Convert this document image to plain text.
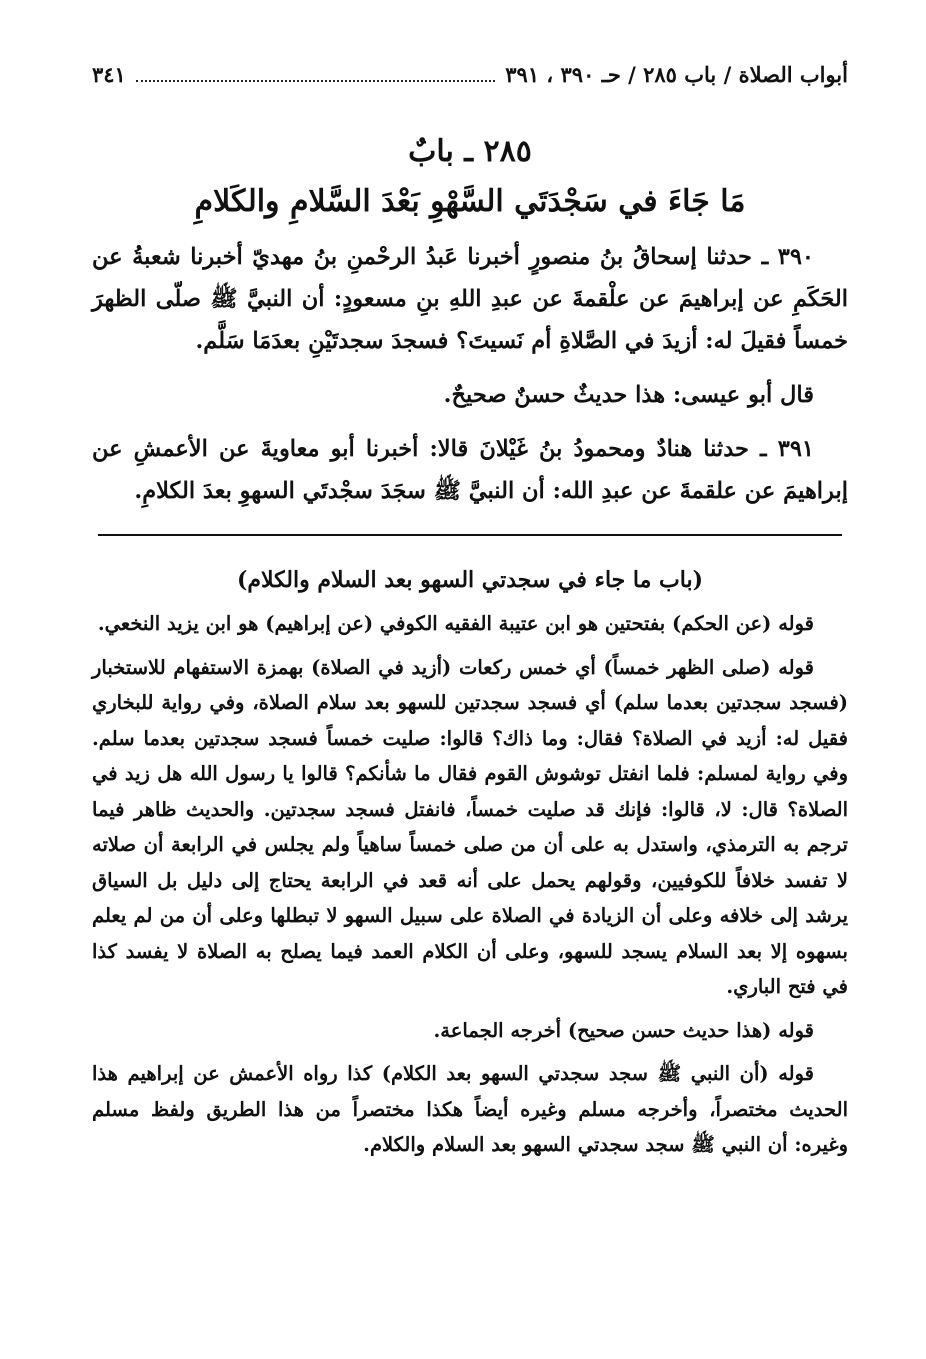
أبواب الصلاة / باب ٢٨٥ / حـ ٣٩٠ ، ٣٩١
٣٤١
٢٨٥ ـ بابٌ
مَا جَاءَ في سَجْدَتَي السَّهْوِ بَعْدَ السَّلامِ والكَلامِ

٣٩٠ ـ حدثنا إسحاقُ بنُ منصورٍ أخبرنا عَبدُ الرحْمنِ بنُ مهديّ أخبرنا شعبةُ عن الحَكَمِ عن إبراهيمَ عن علْقمةَ عن عبدِ اللهِ بنِ مسعودٍ: أن النبيَّ ﷺ صلّى الظهرَ خمساً فقيلَ له: أزيدَ في الصَّلاةِ أم نَسيتَ؟ فسجدَ سجدتَيْنِ بعدَمَا سَلَّم.

قال أبو عيسى: هذا حديثٌ حسنٌ صحيحٌ.

٣٩١ ـ حدثنا هنادٌ ومحمودُ بنُ غَيْلانَ قالا: أخبرنا أبو معاويةَ عن الأعمشِ عن إبراهيمَ عن علقمةَ عن عبدِ الله: أن النبيَّ ﷺ سجَدَ سجْدتَي السهوِ بعدَ الكلامِ.

(باب ما جاء في سجدتي السهو بعد السلام والكلام)

قوله (عن الحكم) بفتحتين هو ابن عتيبة الفقيه الكوفي (عن إبراهيم) هو ابن يزيد النخعي.

قوله (صلى الظهر خمساً) أي خمس ركعات (أزيد في الصلاة) بهمزة الاستفهام للاستخبار (فسجد سجدتين بعدما سلم) أي فسجد سجدتين للسهو بعد سلام الصلاة، وفي رواية للبخاري فقيل له: أزيد في الصلاة؟ فقال: وما ذاك؟ قالوا: صليت خمساً فسجد سجدتين بعدما سلم. وفي رواية لمسلم: فلما انفتل توشوش القوم فقال ما شأنكم؟ قالوا يا رسول الله هل زيد في الصلاة؟ قال: لا، قالوا: فإنك قد صليت خمساً، فانفتل فسجد سجدتين. والحديث ظاهر فيما ترجم به الترمذي، واستدل به على أن من صلى خمساً ساهياً ولم يجلس في الرابعة أن صلاته لا تفسد خلافاً للكوفيين، وقولهم يحمل على أنه قعد في الرابعة يحتاج إلى دليل بل السياق يرشد إلى خلافه وعلى أن الزيادة في الصلاة على سبيل السهو لا تبطلها وعلى أن من لم يعلم بسهوه إلا بعد السلام يسجد للسهو، وعلى أن الكلام العمد فيما يصلح به الصلاة لا يفسد كذا في فتح الباري.

قوله (هذا حديث حسن صحيح) أخرجه الجماعة.

قوله (أن النبي ﷺ سجد سجدتي السهو بعد الكلام) كذا رواه الأعمش عن إبراهيم هذا الحديث مختصراً، وأخرجه مسلم وغيره أيضاً هكذا مختصراً من هذا الطريق ولفظ مسلم وغيره: أن النبي ﷺ سجد سجدتي السهو بعد السلام والكلام.
